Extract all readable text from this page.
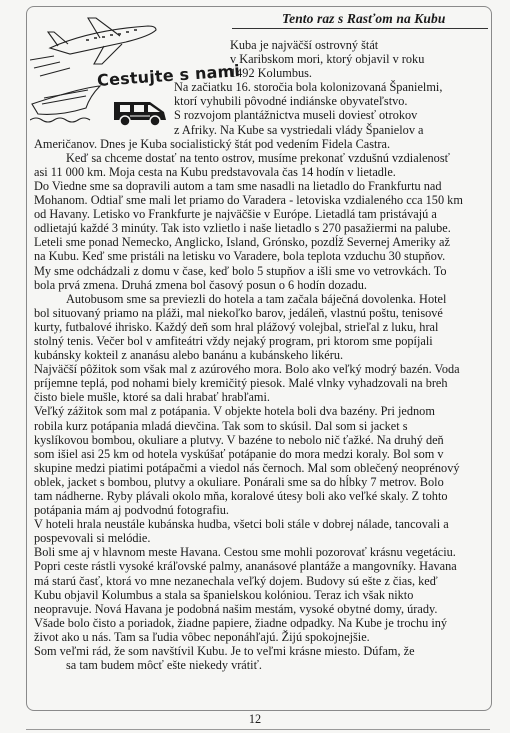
Tento raz s Rasťom na Kubu
Cestujte s nami
Kuba je najväčší ostrovný štát
v Karibskom mori, ktorý objavil v roku
1492 Kolumbus.
Na začiatku 16. storočia bola kolonizovaná Španielmi,
ktorí vyhubili pôvodné indiánske obyvateľstvo.
S rozvojom plantážnictva museli doviesť otrokov
z Afriky. Na Kube sa vystriedali vlády Španielov a
Američanov. Dnes je Kuba socialistický štát pod vedením Fidela Castra.
Keď sa chceme dostať na tento ostrov, musíme prekonať vzdušnú vzdialenosť
asi 11 000 km. Moja cesta na Kubu predstavovala čas 14 hodín v lietadle.
Do Viedne sme sa dopravili autom a tam sme nasadli na lietadlo do Frankfurtu nad
Mohanom. Odtiaľ sme mali let priamo do Varadera - letoviska vzdialeného cca 150 km
od Havany. Letisko vo Frankfurte je najväčšie v Európe. Lietadlá tam pristávajú a
odlietajú každé 3 minúty. Tak isto vzlietlo i naše lietadlo s 270 pasažiermi na palube.
Leteli sme ponad Nemecko, Anglicko, Island, Grónsko, pozdĺž Severnej Ameriky až
na Kubu. Keď sme pristáli na letisku vo Varadere, bola teplota vzduchu 30 stupňov.
My sme odchádzali z domu v čase, keď bolo 5 stupňov a išli sme vo vetrovkách. To
bola prvá zmena. Druhá zmena bol časový posun o 6 hodín dozadu.
Autobusom sme sa previezli do hotela a tam začala báječná dovolenka. Hotel
bol situovaný priamo na pláži, mal niekoľko barov, jedáleň, vlastnú poštu, tenisové
kurty, futbalové ihrisko. Každý deň som hral plážový volejbal, strieľal z luku, hral
stolný tenis. Večer bol v amfiteátri vždy nejaký program, pri ktorom sme popíjali
kubánsky kokteil z ananásu alebo banánu a kubánskeho likéru.
Najväčší pôžitok som však mal z azúrového mora. Bolo ako veľký modrý bazén. Voda
príjemne teplá, pod nohami biely kremičitý piesok. Malé vlnky vyhadzovali na breh
čisto biele mušle, ktoré sa dali hrabať hrabľami.
Veľký zážitok som mal z potápania. V objekte hotela boli dva bazény. Pri jednom
robila kurz potápania mladá dievčina. Tak som to skúsil. Dal som si jacket s
kyslíkovou bombou, okuliare a plutvy. V bazéne to nebolo nič ťažké. Na druhý deň
som išiel asi 25 km od hotela vyskúšať potápanie do mora medzi koraly. Bol som v
skupine medzi piatimi potápačmi a viedol nás černoch. Mal som oblečený neoprénový
oblek, jacket s bombou, plutvy a okuliare. Ponárali sme sa do hĺbky 7 metrov. Bolo
tam nádherne. Ryby plávali okolo mňa, koralové útesy boli ako veľké skaly. Z tohto
potápania mám aj podvodnú fotografiu.
V hoteli hrala neustále kubánska hudba, všetci boli stále v dobrej nálade, tancovali a
pospevovali si melódie.
Boli sme aj v hlavnom meste Havana. Cestou sme mohli pozorovať krásnu vegetáciu.
Popri ceste rástli vysoké kráľovské palmy, ananásové plantáže a mangovníky. Havana
má starú časť, ktorá vo mne nezanechala veľký dojem. Budovy sú ešte z čias, keď
Kubu objavil Kolumbus a stala sa španielskou kolóniou. Teraz ich však nikto
neopravuje. Nová Havana je podobná našim mestám, vysoké obytné domy, úrady.
Všade bolo čisto a poriadok, žiadne papiere, žiadne odpadky. Na Kube je trochu iný
život ako u nás. Tam sa ľudia vôbec neponáhľajú. Žijú spokojnejšie.
Som veľmi rád, že som navštívil Kubu. Je to veľmi krásne miesto. Dúfam, že
sa tam budem môcť ešte niekedy vrátiť.
12
